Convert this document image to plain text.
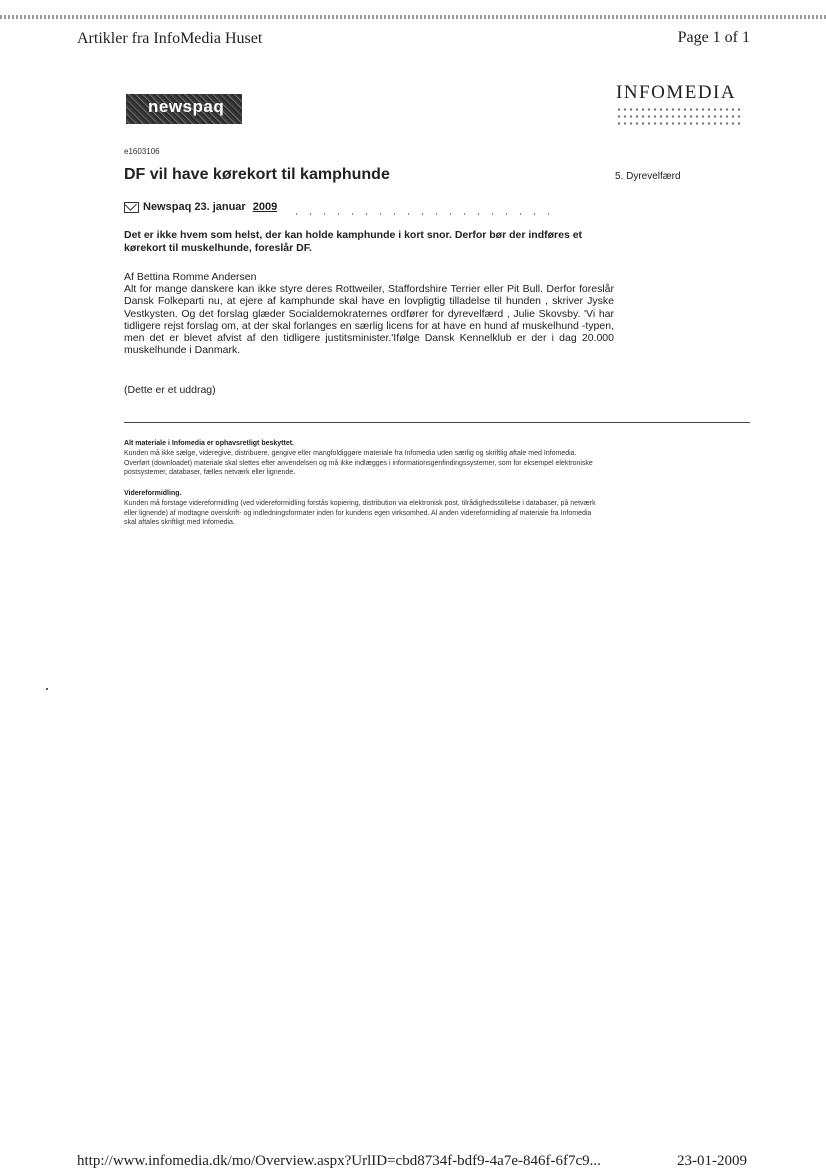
Artikler fra InfoMedia Huset	Page 1 of 1
newspaq
INFOMEDIA
e1603106
DF vil have kørekort til kamphunde	5. Dyrevelfærd
Newspaq 23. januar 2009

Det er ikke hvem som helst, der kan holde kamphunde i kort snor. Derfor bør der indføres et kørekort til muskelhunde, foreslår DF.

Af Bettina Romme Andersen

Alt for mange danskere kan ikke styre deres Rottweiler, Staffordshire Terrier eller Pit Bull. Derfor foreslår Dansk Folkeparti nu, at ejere af kamphunde skal have en lovpligtig tilladelse til hunden , skriver Jyske Vestkysten. Og det forslag glæder Socialdemokraternes ordfører for dyrevelfærd , Julie Skovsby. 'Vi har tidligere rejst forslag om, at der skal forlanges en særlig licens for at have en hund af muskelhund -typen, men det er blevet afvist af den tidligere justitsminister.'Ifølge Dansk Kennelklub er der i dag 20.000 muskelhunde i Danmark.

(Dette er et uddrag)
Alt materiale i Infomedia er ophavsretligt beskyttet.

Kunden må ikke sælge, videregive, distribuere, gengive eller mangfoldiggøre materiale fra Infomedia uden særlig og skriftlig aftale med Infomedia. Overført (downloadet) materiale skal slettes efter anvendelsen og må ikke indlægges i informationsgenfindingssystemer, som for eksempel elektroniske postsystemer, databaser, fælles netværk eller lignende.

Videreformidling.

Kunden må forstage videreformidling (ved videreformidling forstås kopiering, distribution via elektronisk post, tilrådighedsstillelse i databaser, på netværk eller lignende) af modtagne overskrift- og indledningsformater inden for kundens egen virksomhed. Al anden videreformidling af materiale fra Infomedia skal aftales skriftligt med Infomedia.

http://www.infomedia.dk/mo/Overview.aspx?UrlID=cbd8734f-bdf9-4a7e-846f-6f7c9...	23-01-2009
